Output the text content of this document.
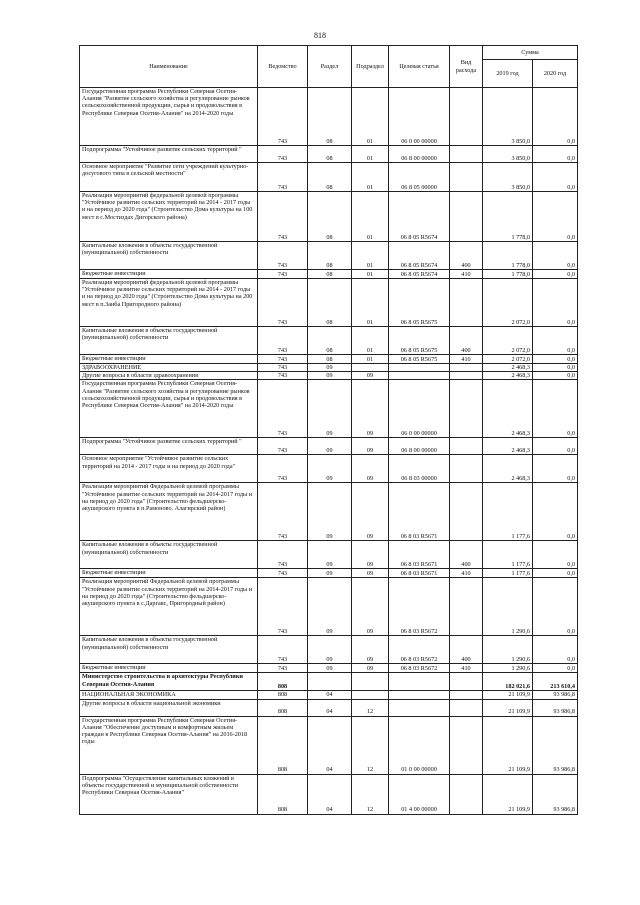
818
Наименование	Ведомство	Раздел	Подраздел	Целевая статья	Вид расхода	Сумма	
						2019 год	2020 год
Государственная программа Республики Северная Осетия-Алания "Развитие сельского хозяйства и регулирование рынков сельскохозяйственной продукции, сырья и продовольствия в Республике Северная Осетия-Алания" на 2014-2020 годы	743	08	01	06 0 00 00000		3 850,0	0,0
Подпрограмма "Устойчивое развитие сельских территорий "	743	08	01	06 8 00 00000		3 850,0	0,0
Основное мероприятие "Развитие сети учреждений культурно-досугового типа в сельской местности"	743	08	01	06 8 05 00000		3 850,0	0,0
Реализация мероприятий федеральной целевой программы "Устойчивое развитие сельских территорий на 2014 - 2017 годы и на период до 2020 года" (Строительство Дома культуры на 100 мест в с.Мостиздах Дигорского района)	743	08	01	06 8 05 R5674		1 778,0	0,0
Капитальные вложения в объекты государственной (муниципальной) собственности	743	08	01	06 8 05 R5674	400	1 778,0	0,0
Бюджетные инвестиции	743	08	01	06 8 05 R5674	410	1 778,0	0,0
Реализация мероприятий федеральной целевой программы "Устойчивое развитие сельских территорий на 2014 - 2017 годы и на период до 2020 года" (Строительство Дома культуры на 200 мест в п.Заиба Пригородного района)	743	08	01	06 8 05 R5675		2 072,0	0,0
Капитальные вложения в объекты государственной (муниципальной) собственности	743	08	01	06 8 05 R5675	400	2 072,0	0,0
Бюджетные инвестиции	743	08	01	06 8 05 R5675	410	2 072,0	0,0
ЗДРАВООХРАНЕНИЕ	743	09				2 468,3	0,0
Другие вопросы в области здравоохранения	743	09	09			2 468,3	0,0
Государственная программа Республики Северная Осетия-Алания "Развитие сельского хозяйства и регулирование рынков сельскохозяйственной продукции, сырья и продовольствия в Республике Северная Осетия-Алания" на 2014-2020 годы	743	09	09	06 0 00 00000		2 468,3	0,0
Подпрограмма "Устойчивое развитие сельских территорий "	743	09	09	06 8 00 00000		2 468,3	0,0
Основное мероприятие "Устойчивое развитие сельских территорий на 2014 - 2017 годы и на период до 2020 года"	743	09	09	06 8 03 00000		2 468,3	0,0
Реализация мероприятий Федеральной целевой программы "Устойчивое развитие сельских территорий на 2014-2017 годы и на период до 2020 года" (Строительство фельдшерско-акушерского пункта в п.Рамоново. Алагирский район)	743	09	09	06 8 03 R5671		1 177,6	0,0
Капитальные вложения в объекты государственной (муниципальной) собственности	743	09	09	06 8 03 R5671	400	1 177,6	0,0
Бюджетные инвестиции	743	09	09	06 8 03 R5671	410	1 177,6	0,0
Реализация мероприятий Федеральной целевой программы "Устойчивое развитие сельских территорий на 2014-2017 годы и на период до 2020 года" (Строительство фельдшерско-акушерского пункта в с.Даргавс, Пригородный район)	743	09	09	06 8 03 R5672		1 290,6	0,0
Капитальные вложения в объекты государственной (муниципальной) собственности	743	09	09	06 8 03 R5672	400	1 290,6	0,0
Бюджетные инвестиции	743	09	09	06 8 03 R5672	410	1 290,6	0,0
Министерство строительства и архитектуры Республики Северная Осетия-Алания	808					182 021,6	213 610,4
НАЦИОНАЛЬНАЯ ЭКОНОМИКА	808	04				21 109,9	93 986,8
Другие вопросы в области национальной экономики	808	04	12			21 109,9	93 986,8
Государственная программа Республики Северная Осетия-Алания "Обеспечение доступным и комфортным жильем граждан в Республике Северная Осетия-Алания" на 2016-2018 годы	808	04	12	01 0 00 00000		21 109,9	93 986,8
Подпрограмма "Осуществление капитальных вложений в объекты государственной и муниципальной собственности Республики Северная Осетия-Алания"	808	04	12	01 4 00 00000		21 109,9	93 986,8
